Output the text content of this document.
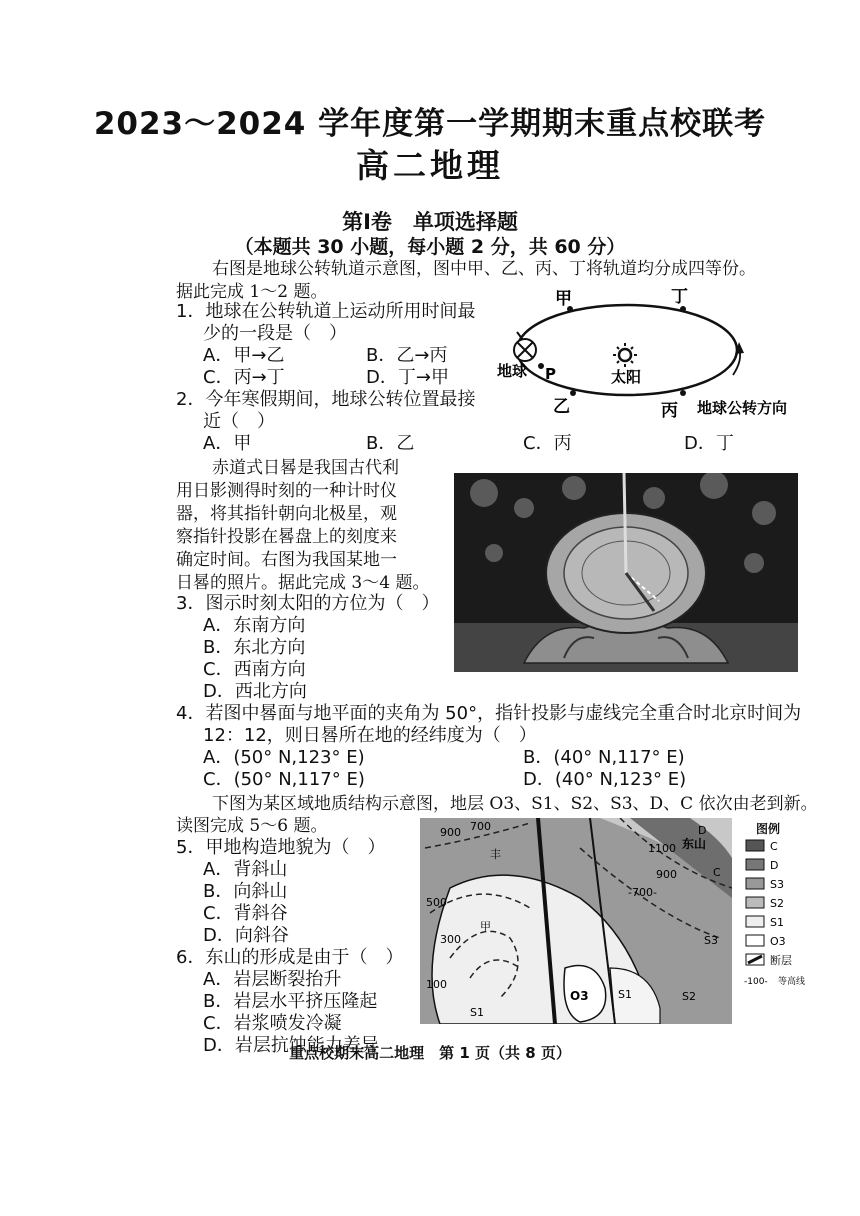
2023～2024 学年度第一学期期末重点校联考
高二地理
第Ⅰ卷　单项选择题
（本题共 30 小题，每小题 2 分，共 60 分）
右图是地球公转轨道示意图，图中甲、乙、丙、丁将轨道均分成四等份。
据此完成 1～2 题。	甲	丁
乙	丙
地球 P	太阳
地球公转方向
1．地球在公转轨道上运动所用时间最
少的一段是（　）
A．甲→乙	B．乙→丙
C．丙→丁	D．丁→甲
2．今年寒假期间，地球公转位置最接
近（　）
A．甲	B．乙	C．丙	D．丁
赤道式日晷是我国古代利
用日影测得时刻的一种计时仪
器，将其指针朝向北极星，观
察指针投影在晷盘上的刻度来
确定时间。右图为我国某地一
日晷的照片。据此完成 3～4 题。
3．图示时刻太阳的方位为（　）
A．东南方向
B．东北方向
C．西南方向
D．西北方向
4．若图中晷面与地平面的夹角为 50°，指针投影与虚线完全重合时北京时间为
12：12，则日晷所在地的经纬度为（　）
A．(50° N,123° E)	B．(40° N,117° E)
C．(50° N,117° E)	D．(40° N,123° E)
下图为某区域地质结构示意图，地层 O3、S1、S2、S3、D、C 依次由老到新。
读图完成 5～6 题。
5．甲地构造地貌为（　）
A．背斜山
B．向斜山
C．背斜谷
D．向斜谷
6．东山的形成是由于（　）
A．岩层断裂抬升
B．岩层水平挤压隆起
C．岩浆喷发冷凝
D．岩层抗蚀能力差异
900 700
丰	1100 东山
D
C
900
-700-
500
300
甲
100
S1
O3	S1	S2
S3
图例
C
D
S3
S2
S1
O3
断层
-100- 等高线
重点校期末高二地理　第 1 页（共 8 页）
